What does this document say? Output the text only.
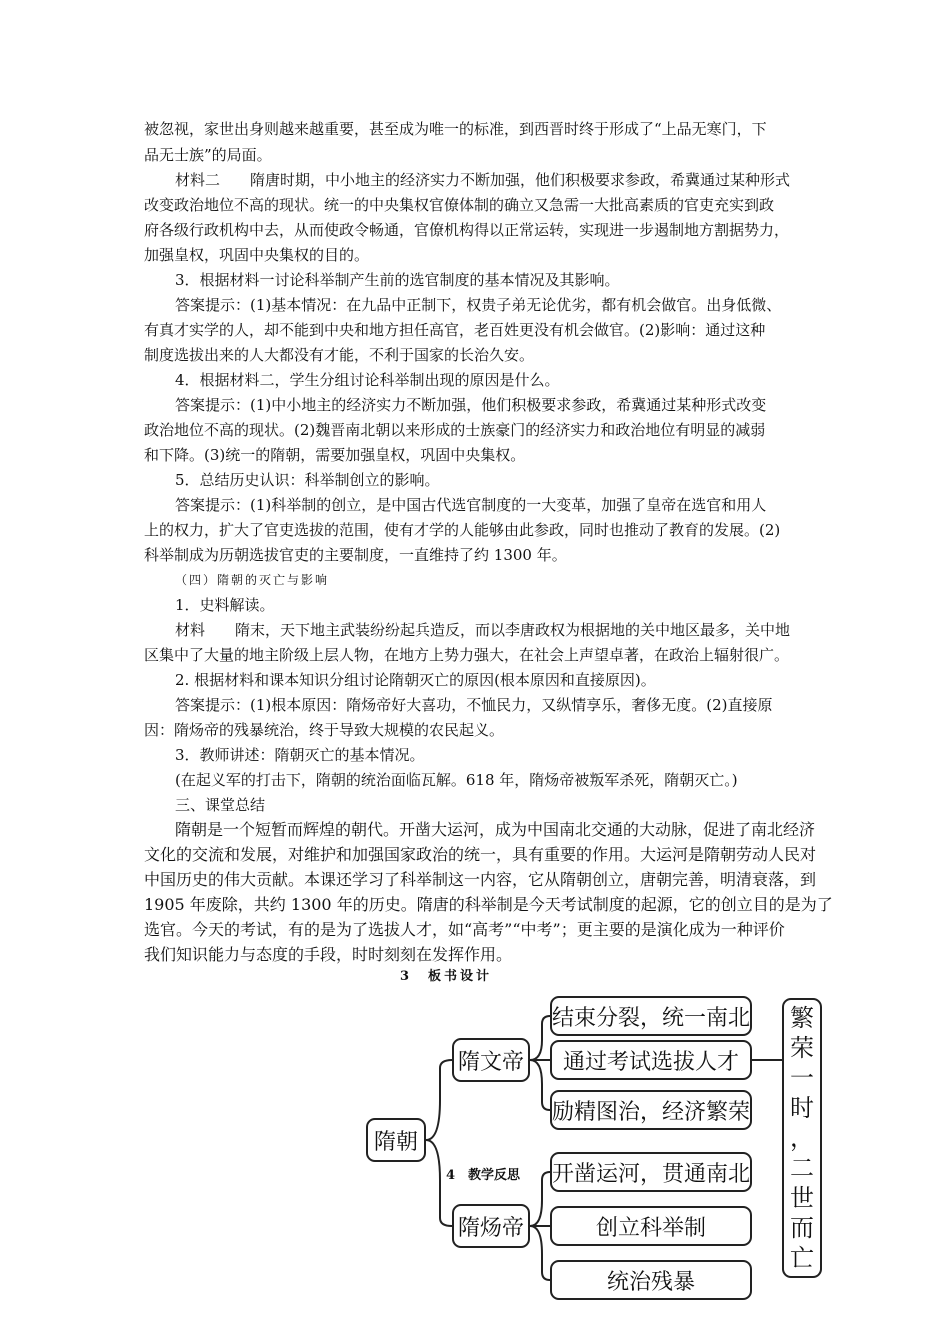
被忽视，家世出身则越来越重要，甚至成为唯一的标准，到西晋时终于形成了“上品无寒门，下
品无士族”的局面。
材料二　　隋唐时期，中小地主的经济实力不断加强，他们积极要求参政，希冀通过某种形式
改变政治地位不高的现状。统一的中央集权官僚体制的确立又急需一大批高素质的官吏充实到政
府各级行政机构中去，从而使政令畅通，官僚机构得以正常运转，实现进一步遏制地方割据势力，
加强皇权，巩固中央集权的目的。
3．根据材料一讨论科举制产生前的选官制度的基本情况及其影响。
答案提示：(1)基本情况：在九品中正制下，权贵子弟无论优劣，都有机会做官。出身低微、
有真才实学的人，却不能到中央和地方担任高官，老百姓更没有机会做官。(2)影响：通过这种
制度选拔出来的人大都没有才能，不利于国家的长治久安。
4．根据材料二，学生分组讨论科举制出现的原因是什么。
答案提示：(1)中小地主的经济实力不断加强，他们积极要求参政，希冀通过某种形式改变
政治地位不高的现状。(2)魏晋南北朝以来形成的士族豪门的经济实力和政治地位有明显的减弱
和下降。(3)统一的隋朝，需要加强皇权，巩固中央集权。
5．总结历史认识：科举制创立的影响。
答案提示：(1)科举制的创立，是中国古代选官制度的一大变革，加强了皇帝在选官和用人
上的权力，扩大了官吏选拔的范围，使有才学的人能够由此参政，同时也推动了教育的发展。(2)
科举制成为历朝选拔官吏的主要制度，一直维持了约 1300 年。
（四）隋朝的灭亡与影响
1．史料解读。
材料　　隋末，天下地主武装纷纷起兵造反，而以李唐政权为根据地的关中地区最多，关中地
区集中了大量的地主阶级上层人物，在地方上势力强大，在社会上声望卓著，在政治上辐射很广。
2. 根据材料和课本知识分组讨论隋朝灭亡的原因(根本原因和直接原因)。
答案提示：(1)根本原因：隋炀帝好大喜功，不恤民力，又纵情享乐，奢侈无度。(2)直接原
因：隋炀帝的残暴统治，终于导致大规模的农民起义。
3．教师讲述：隋朝灭亡的基本情况。
(在起义军的打击下，隋朝的统治面临瓦解。618 年，隋炀帝被叛军杀死，隋朝灭亡。)
三、课堂总结
隋朝是一个短暂而辉煌的朝代。开凿大运河，成为中国南北交通的大动脉，促进了南北经济
文化的交流和发展，对维护和加强国家政治的统一，具有重要的作用。大运河是隋朝劳动人民对
中国历史的伟大贡献。本课还学习了科举制这一内容，它从隋朝创立，唐朝完善，明清衰落，到
1905 年废除，共约 1300 年的历史。隋唐的科举制是今天考试制度的起源，它的创立目的是为了
选官。今天的考试，有的是为了选拔人才，如“高考”“中考”；更主要的是演化成为一种评价
我们知识能力与态度的手段，时时刻刻在发挥作用。
3　板书设计
隋朝
隋文帝
隋炀帝
结束分裂，统一南北
通过考试选拔人才
励精图治，经济繁荣
开凿运河，贯通南北
创立科举制
统治残暴
繁
荣
一
时
，
二
世
而
亡
4　教学反思
